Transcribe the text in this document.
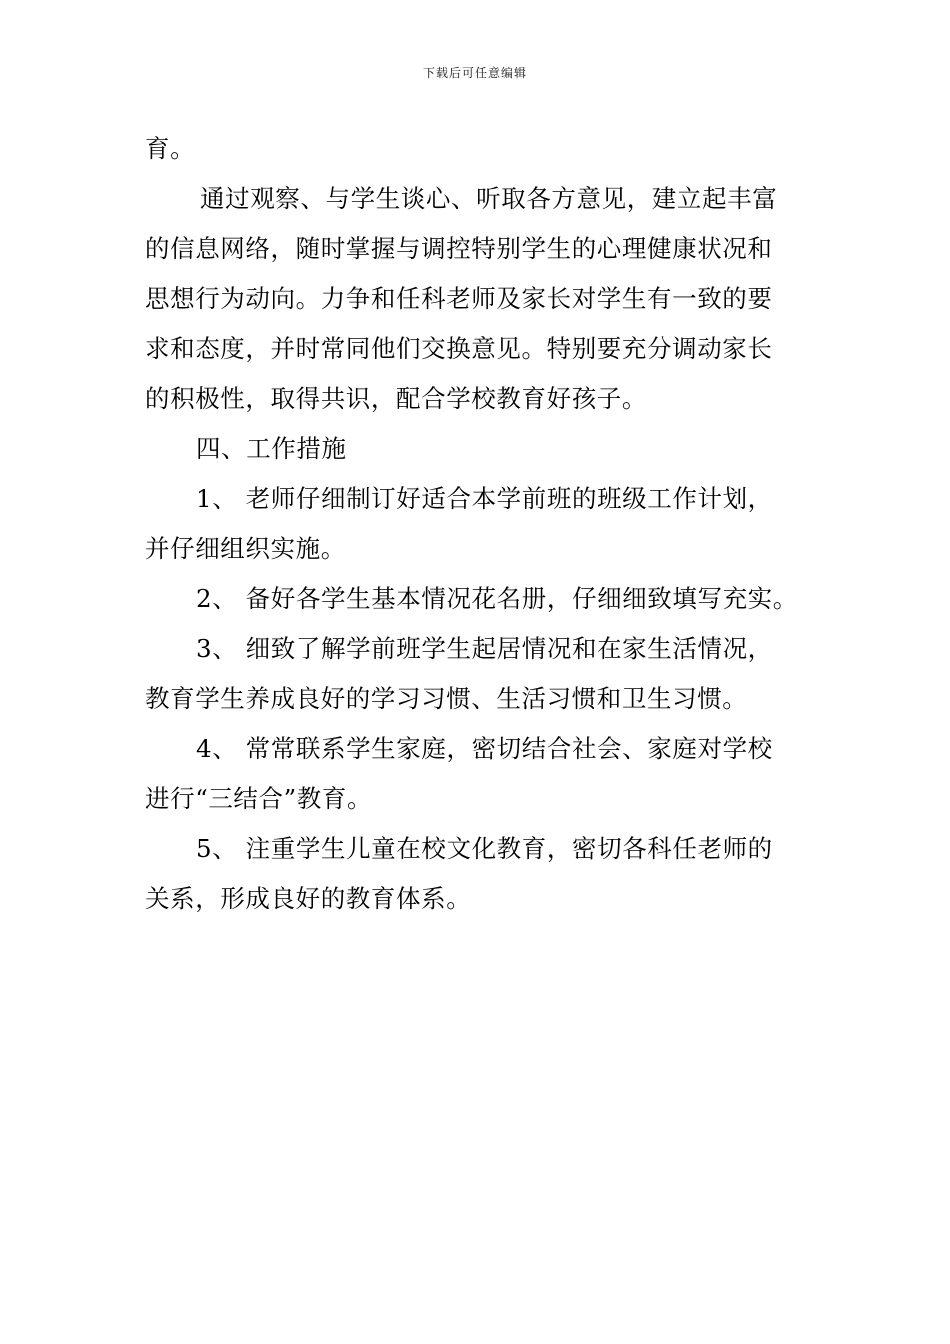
下载后可任意编辑
育。
通过观察、与学生谈心、听取各方意见，建立起丰富
的信息网络，随时掌握与调控特别学生的心理健康状况和
思想行为动向。力争和任科老师及家长对学生有一致的要
求和态度，并时常同他们交换意见。特别要充分调动家长
的积极性，取得共识，配合学校教育好孩子。
四、工作措施
1、 老师仔细制订好适合本学前班的班级工作计划，
并仔细组织实施。
2、 备好各学生基本情况花名册，仔细细致填写充实。
3、 细致了解学前班学生起居情况和在家生活情况，
教育学生养成良好的学习习惯、生活习惯和卫生习惯。
4、 常常联系学生家庭，密切结合社会、家庭对学校
进行“三结合”教育。
5、 注重学生儿童在校文化教育，密切各科任老师的
关系，形成良好的教育体系。
